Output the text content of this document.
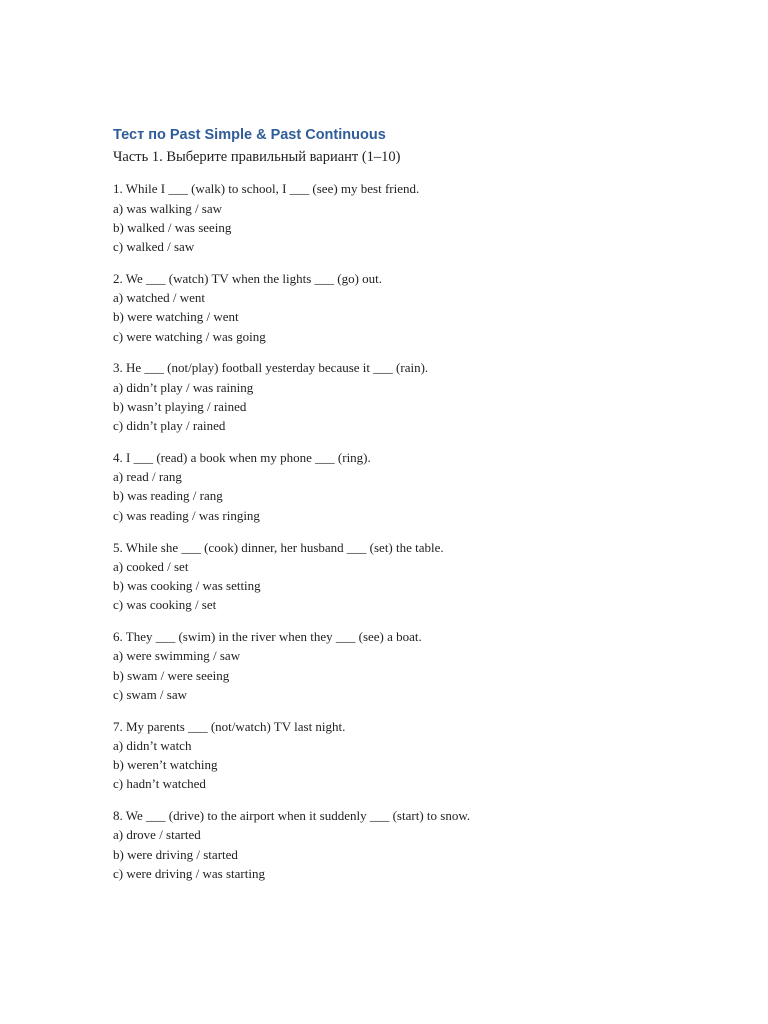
Тест по Past Simple & Past Continuous
Часть 1. Выберите правильный вариант (1–10)
1. While I ___ (walk) to school, I ___ (see) my best friend.
a) was walking / saw
b) walked / was seeing
c) walked / saw
2. We ___ (watch) TV when the lights ___ (go) out.
a) watched / went
b) were watching / went
c) were watching / was going
3. He ___ (not/play) football yesterday because it ___ (rain).
a) didn’t play / was raining
b) wasn’t playing / rained
c) didn’t play / rained
4. I ___ (read) a book when my phone ___ (ring).
a) read / rang
b) was reading / rang
c) was reading / was ringing
5. While she ___ (cook) dinner, her husband ___ (set) the table.
a) cooked / set
b) was cooking / was setting
c) was cooking / set
6. They ___ (swim) in the river when they ___ (see) a boat.
a) were swimming / saw
b) swam / were seeing
c) swam / saw
7. My parents ___ (not/watch) TV last night.
a) didn’t watch
b) weren’t watching
c) hadn’t watched
8. We ___ (drive) to the airport when it suddenly ___ (start) to snow.
a) drove / started
b) were driving / started
c) were driving / was starting
